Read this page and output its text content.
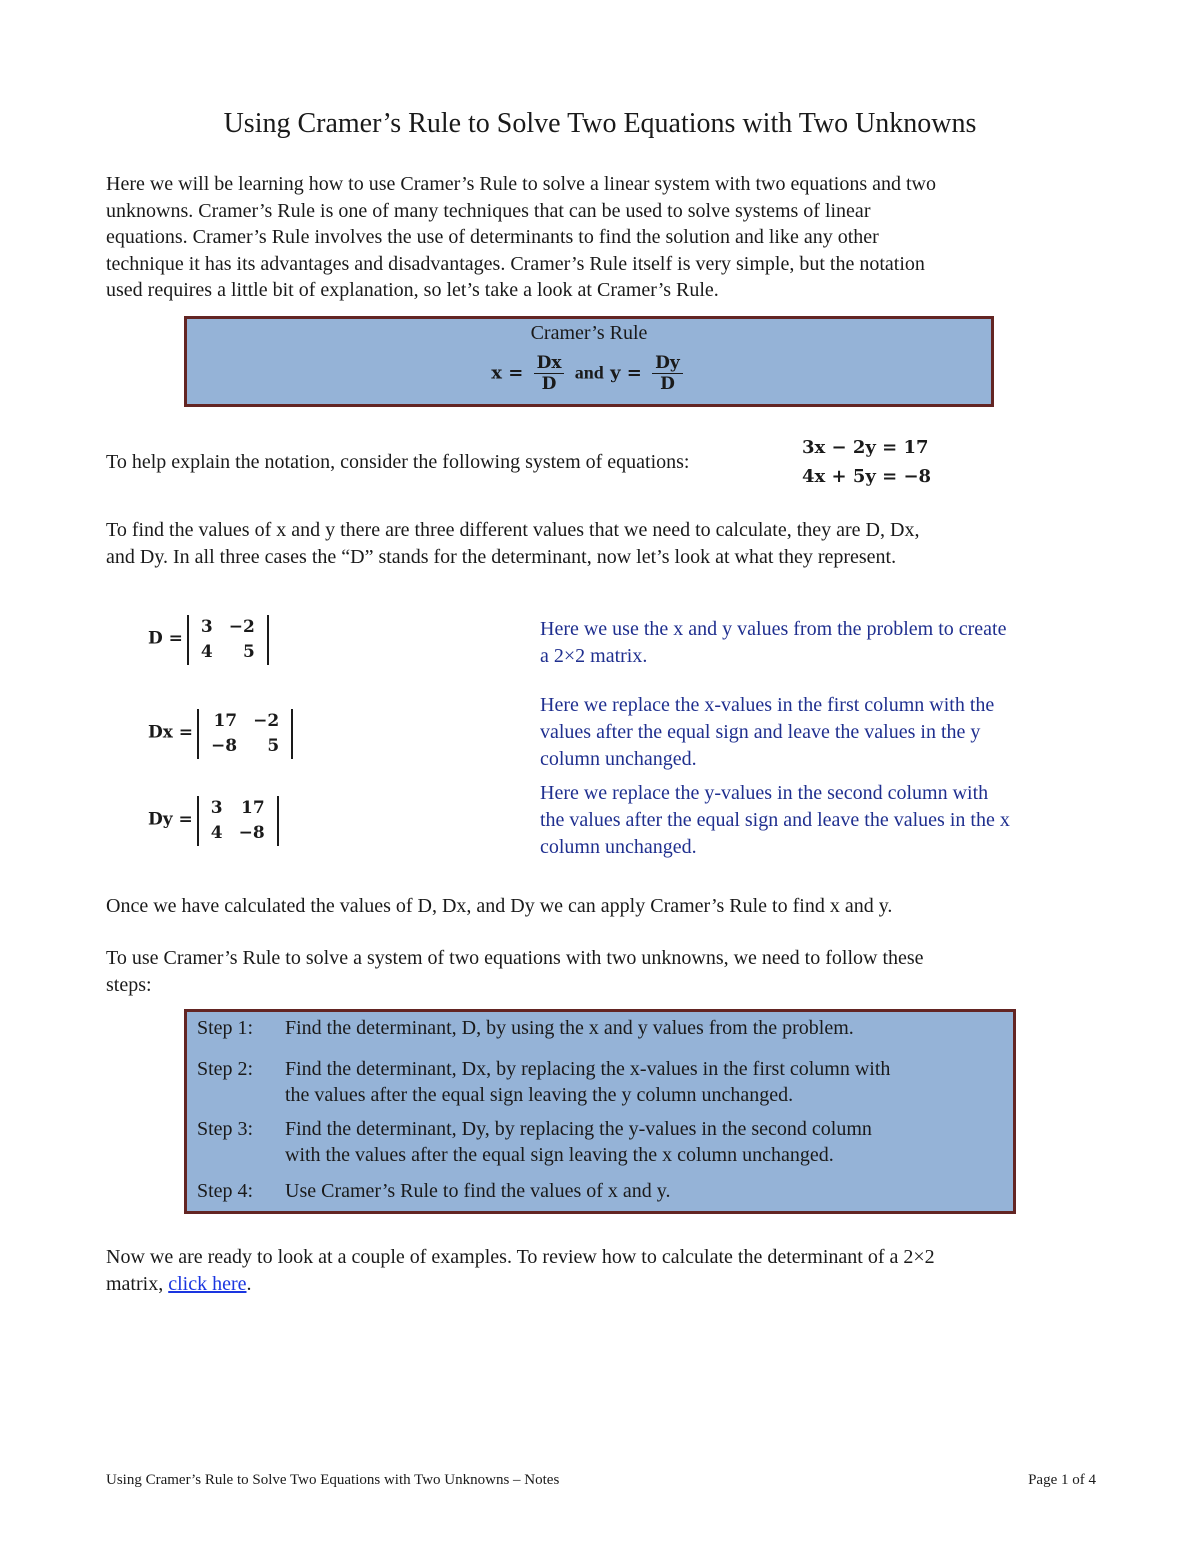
Using Cramer’s Rule to Solve Two Equations with Two Unknowns
Here we will be learning how to use Cramer’s Rule to solve a linear system with two equations and two
unknowns. Cramer’s Rule is one of many techniques that can be used to solve systems of linear
equations. Cramer’s Rule involves the use of determinants to find the solution and like any other
technique it has its advantages and disadvantages. Cramer’s Rule itself is very simple, but the notation
used requires a little bit of explanation, so let’s take a look at Cramer’s Rule.
Cramer’s Rule
$x = \frac{Dx}{D}$ and $y = \frac{Dy}{D}$
To help explain the notation, consider the following system of equations:
3x − 2y = 17
4x + 5y = −8
To find the values of x and y there are three different values that we need to calculate, they are D, Dx,
and Dy. In all three cases the “D” stands for the determinant, now let’s look at what they represent.
D =
3	−2
4	5
Here we use the x and y values from the problem to create
a 2×2 matrix.
Dx =
17	−2
−8	5
Here we replace the x-values in the first column with the
values after the equal sign and leave the values in the y
column unchanged.
Dy =
3	17
4	−8
Here we replace the y-values in the second column with
the values after the equal sign and leave the values in the x
column unchanged.
Once we have calculated the values of D, Dx, and Dy we can apply Cramer’s Rule to find x and y.
To use Cramer’s Rule to solve a system of two equations with two unknowns, we need to follow these
steps:
Step 1:	Find the determinant, D, by using the x and y values from the problem.
Step 2:	Find the determinant, Dx, by replacing the x-values in the first column with
the values after the equal sign leaving the y column unchanged.
Step 3:	Find the determinant, Dy, by replacing the y-values in the second column
with the values after the equal sign leaving the x column unchanged.
Step 4:	Use Cramer’s Rule to find the values of x and y.
Now we are ready to look at a couple of examples. To review how to calculate the determinant of a 2×2
matrix, click here.
Using Cramer’s Rule to Solve Two Equations with Two Unknowns – Notes	Page 1 of 4
